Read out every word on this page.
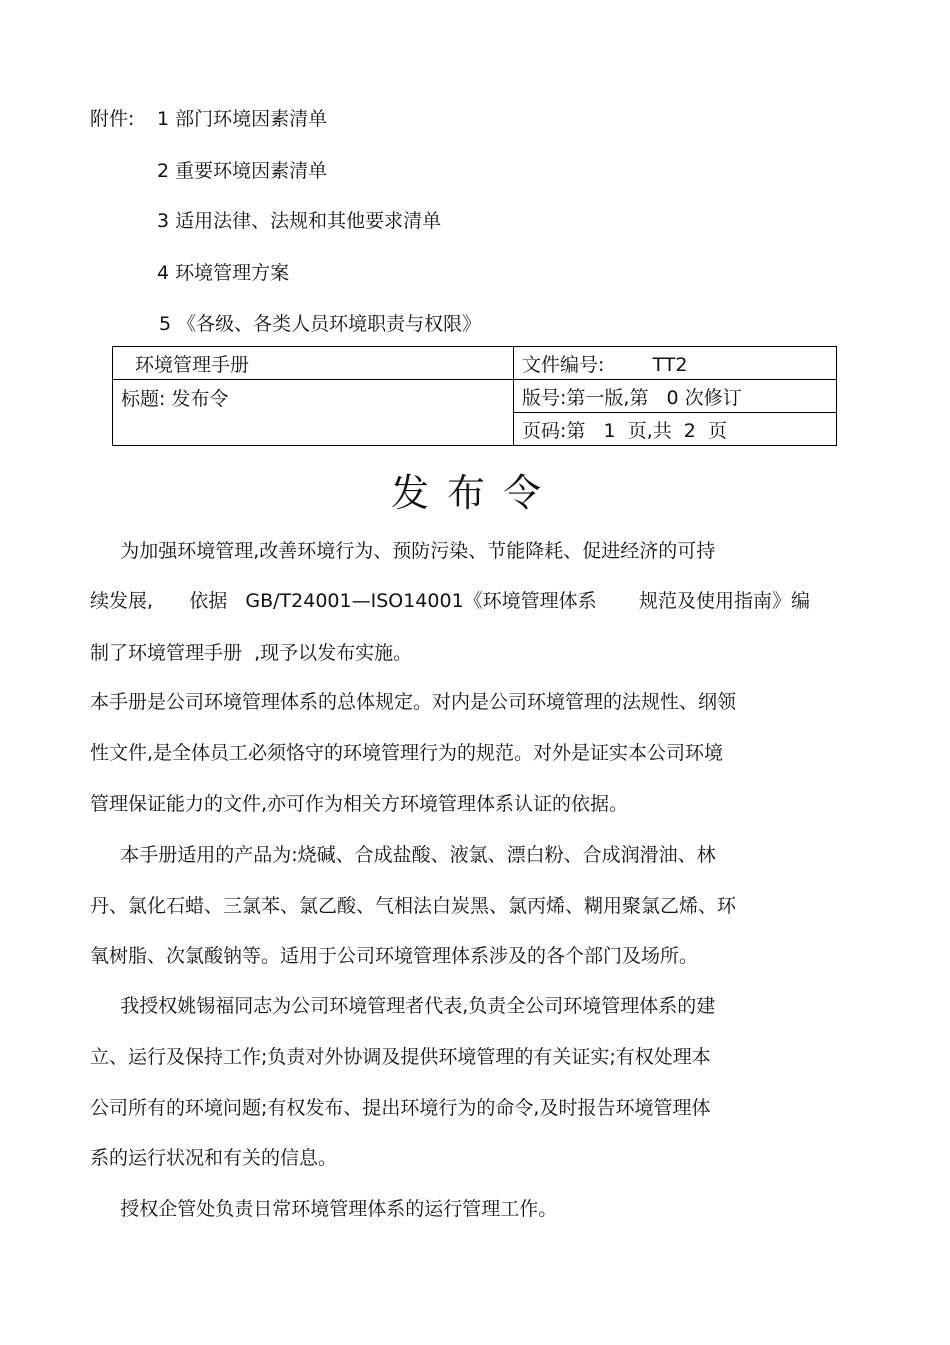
附件: 1 部门环境因素清单
2 重要环境因素清单
3 适用法律、法规和其他要求清单
4 环境管理方案
5 《各级、各类人员环境职责与权限》
环境管理手册	文件编号: TT2
标题: 发布令	版号:第一版,第   0 次修订
	页码:第   1  页,共  2  页
发布令
为加强环境管理,改善环境行为、预防污染、节能降耗、促进经济的可持
续发展,      依据   GB/T24001—ISO14001《环境管理体系       规范及使用指南》编
制了环境管理手册  ,现予以发布实施。
本手册是公司环境管理体系的总体规定。对内是公司环境管理的法规性、纲领
性文件,是全体员工必须恪守的环境管理行为的规范。对外是证实本公司环境
管理保证能力的文件,亦可作为相关方环境管理体系认证的依据。
本手册适用的产品为:烧碱、合成盐酸、液氯、漂白粉、合成润滑油、林
丹、氯化石蜡、三氯苯、氯乙酸、气相法白炭黑、氯丙烯、糊用聚氯乙烯、环
氧树脂、次氯酸钠等。适用于公司环境管理体系涉及的各个部门及场所。
我授权姚锡福同志为公司环境管理者代表,负责全公司环境管理体系的建
立、运行及保持工作;负责对外协调及提供环境管理的有关证实;有权处理本
公司所有的环境问题;有权发布、提出环境行为的命令,及时报告环境管理体
系的运行状况和有关的信息。
授权企管处负责日常环境管理体系的运行管理工作。
